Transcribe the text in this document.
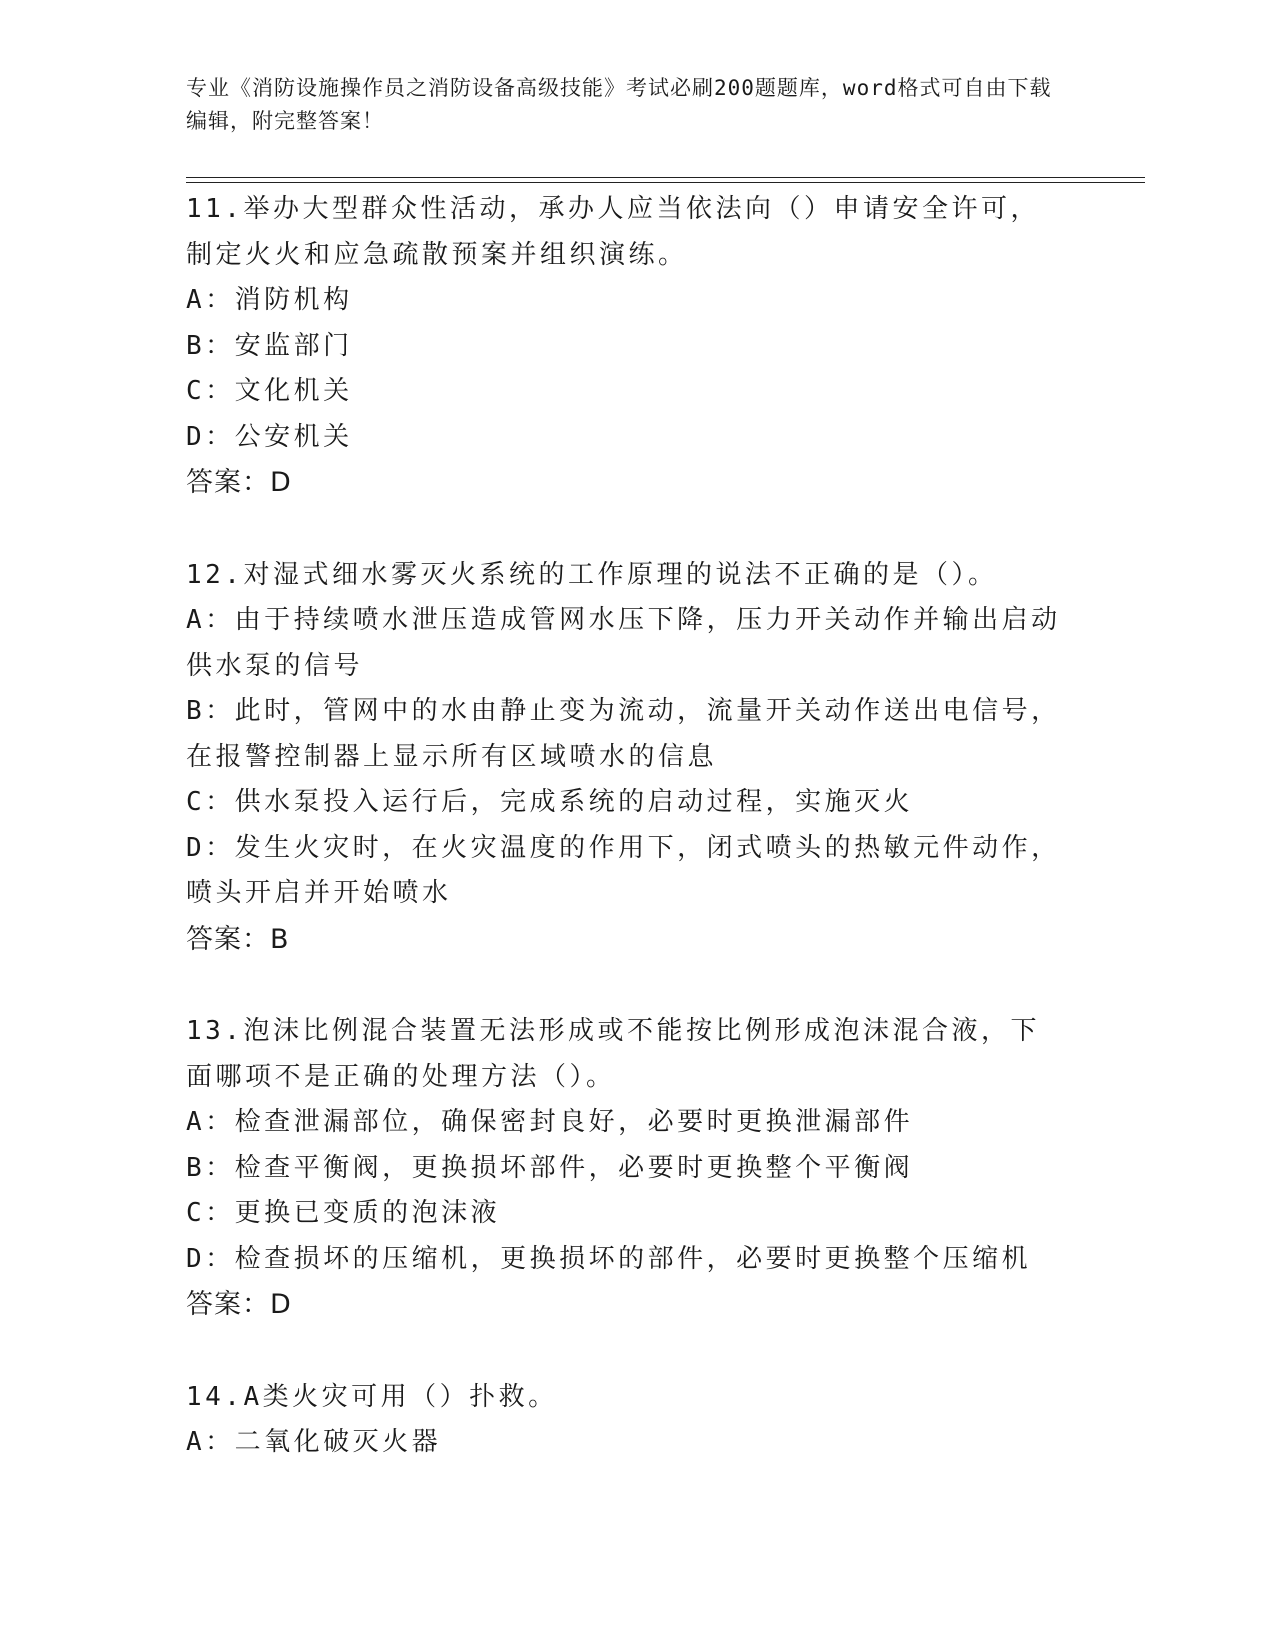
专业《消防设施操作员之消防设备高级技能》考试必刷200题题库，word格式可自由下载编辑，附完整答案！
11.举办大型群众性活动，承办人应当依法向（）申请安全许可，制定火火和应急疏散预案并组织演练。
A：消防机构
B：安监部门
C：文化机关
D：公安机关
答案：D
12.对湿式细水雾灭火系统的工作原理的说法不正确的是（）。
A：由于持续喷水泄压造成管网水压下降，压力开关动作并输出启动供水泵的信号
B：此时，管网中的水由静止变为流动，流量开关动作送出电信号，在报警控制器上显示所有区域喷水的信息
C：供水泵投入运行后，完成系统的启动过程，实施灭火
D：发生火灾时，在火灾温度的作用下，闭式喷头的热敏元件动作，喷头开启并开始喷水
答案：B
13.泡沫比例混合装置无法形成或不能按比例形成泡沫混合液，下面哪项不是正确的处理方法（）。
A：检查泄漏部位，确保密封良好，必要时更换泄漏部件
B：检查平衡阀，更换损坏部件，必要时更换整个平衡阀
C：更换已变质的泡沫液
D：检查损坏的压缩机，更换损坏的部件，必要时更换整个压缩机
答案：D
14.A类火灾可用（）扑救。
A：二氧化破灭火器
